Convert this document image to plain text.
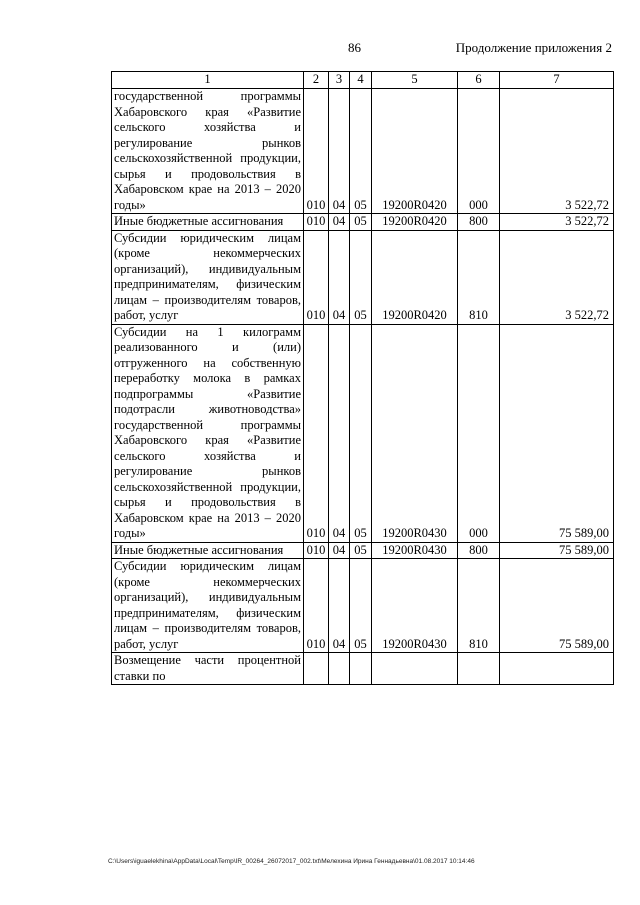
86	Продолжение приложения 2
1	2	3	4	5	6	7
государственной программы Хабаровского края «Развитие сельского хозяйства и регулирование рынков сельскохозяйственной продукции, сырья и продовольствия в Хабаровском крае на 2013 – 2020 годы»	010	04	05	19200R0420	000	3 522,72
Иные бюджетные ассигнования	010	04	05	19200R0420	800	3 522,72
Субсидии юридическим лицам (кроме некоммерческих организаций), индивидуальным предпринимателям, физическим лицам – производителям товаров, работ, услуг	010	04	05	19200R0420	810	3 522,72
Субсидии на 1 килограмм реализованного и (или) отгруженного на собственную переработку молока в рамках подпрограммы «Развитие подотрасли животноводства» государственной программы Хабаровского края «Развитие сельского хозяйства и регулирование рынков сельскохозяйственной продукции, сырья и продовольствия в Хабаровском крае на 2013 – 2020 годы»	010	04	05	19200R0430	000	75 589,00
Иные бюджетные ассигнования	010	04	05	19200R0430	800	75 589,00
Субсидии юридическим лицам (кроме некоммерческих организаций), индивидуальным предпринимателям, физическим лицам – производителям товаров, работ, услуг	010	04	05	19200R0430	810	75 589,00
Возмещение части процентной ставки по						
C:\Users\iguaelekhina\AppData\Local\Temp\IR_00264_26072017_002.txt\Мелехина Ирина Геннадьевна\01.08.2017 10:14:46
